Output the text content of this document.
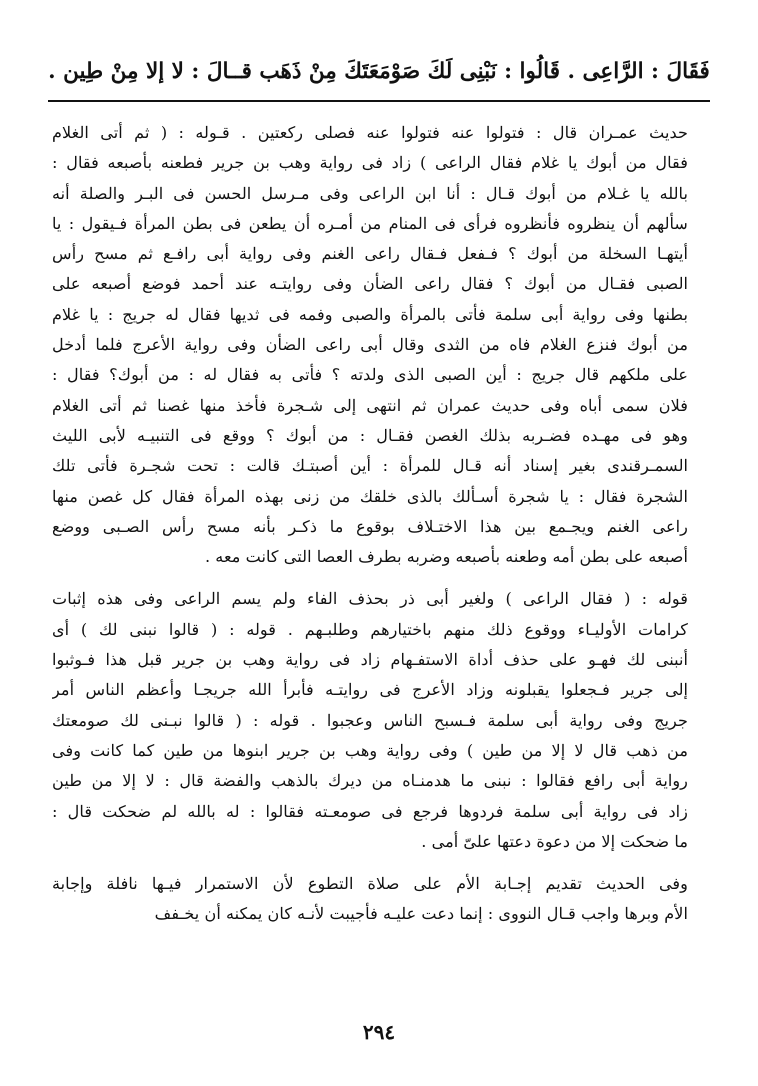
فَقَالَ : الرَّاعِى . قَالُوا : نَبْنِى لَكَ صَوْمَعَتَكَ مِنْ ذَهَب قــالَ : لا إلا مِنْ طِين .
حديث عمـران قال : فتولوا عنه فتولوا عنه فصلى ركعتين . قـوله : ( ثم أتى الغلام
فقال من أبوك يا غلام فقال الراعى ) زاد فى رواية وهب بن جرير فطعنه بأصبعه فقال :
بالله يا غـلام من أبوك قـال : أنا ابن الراعى وفى مـرسل الحسن فى البـر والصلة أنه
سألهم أن ينظروه فأنظروه فرأى فى المنام من أمـره أن يطعن فى بطن المرأة فـيقول : يا
أيتهـا السخلة من أبوك ؟ فـفعل فـقال راعى الغنم وفى رواية أبى رافـع ثم مسح رأس
الصبى فقـال من أبوك ؟ فقال راعى الضأن وفى روايتـه عند أحمد فوضع أصبعه على
بطنها وفى رواية أبى سلمة فأتى بالمرأة والصبى وفمه فى ثديها فقال له جريج : يا غلام
من أبوك فنزع الغلام فاه من الثدى وقال أبى راعى الضأن وفى رواية الأعرج فلما أدخل
على ملكهم قال جريج : أين الصبى الذى ولدته ؟ فأتى به فقال له : من أبوك؟ فقال :
فلان سمى أباه وفى حديث عمران ثم انتهى إلى شـجرة فأخذ منها غصنا ثم أتى الغلام
وهو فى مهـده فضـربه بذلك الغصن فقـال : من أبوك ؟ ووقع فى التنبيـه لأبى الليث
السمـرقندى بغير إسناد أنه قـال للمرأة : أين أصبتـك قالت : تحت شجـرة فأتى تلك
الشجرة فقال : يا شجرة أسـألك بالذى خلقك من زنى بهذه المرأة فقال كل غصن منها
راعى الغنم ويجـمع بين هذا الاختـلاف بوقوع ما ذكـر بأنه مسح رأس الصـبى ووضع
أصبعه على بطن أمه وطعنه بأصبعه وضربه بطرف العصا التى كانت معه .
قوله : ( فقال الراعى ) ولغير أبى ذر بحذف الفاء ولم يسم الراعى وفى هذه إثبات
كرامات الأوليـاء ووقوع ذلك منهم باختيارهم وطلبـهم . قوله : ( قالوا نبنى لك ) أى
أنبنى لك فهـو على حذف أداة الاستفـهام زاد فى رواية وهب بن جرير قبل هذا فـوثبوا
إلى جرير فـجعلوا يقبلونه وزاد الأعرج فى روايتـه فأبرأ الله جريجـا وأعظم الناس أمر
جريج وفى رواية أبى سلمة فـسبح الناس وعجبوا . قوله : ( قالوا نبـنى لك صومعتك
من ذهب قال لا إلا من طين ) وفى رواية وهب بن جرير ابنوها من طين كما كانت وفى
رواية أبى رافع فقالوا : نبنى ما هدمنـاه من ديرك بالذهب والفضة قال : لا إلا من طين
زاد فى رواية أبى سلمة فردوها فرجع فى صومعـته فقالوا : له بالله لم ضحكت قال :
ما ضحكت إلا من دعوة دعتها علىّ أمى .
وفى الحديث تقديم إجـابة الأم على صلاة التطوع لأن الاستمرار فيـها نافلة وإجابة
الأم وبرها واجب قـال النووى : إنما دعت عليـه فأجيبت لأنـه كان يمكنه أن يخـفف
٢٩٤
